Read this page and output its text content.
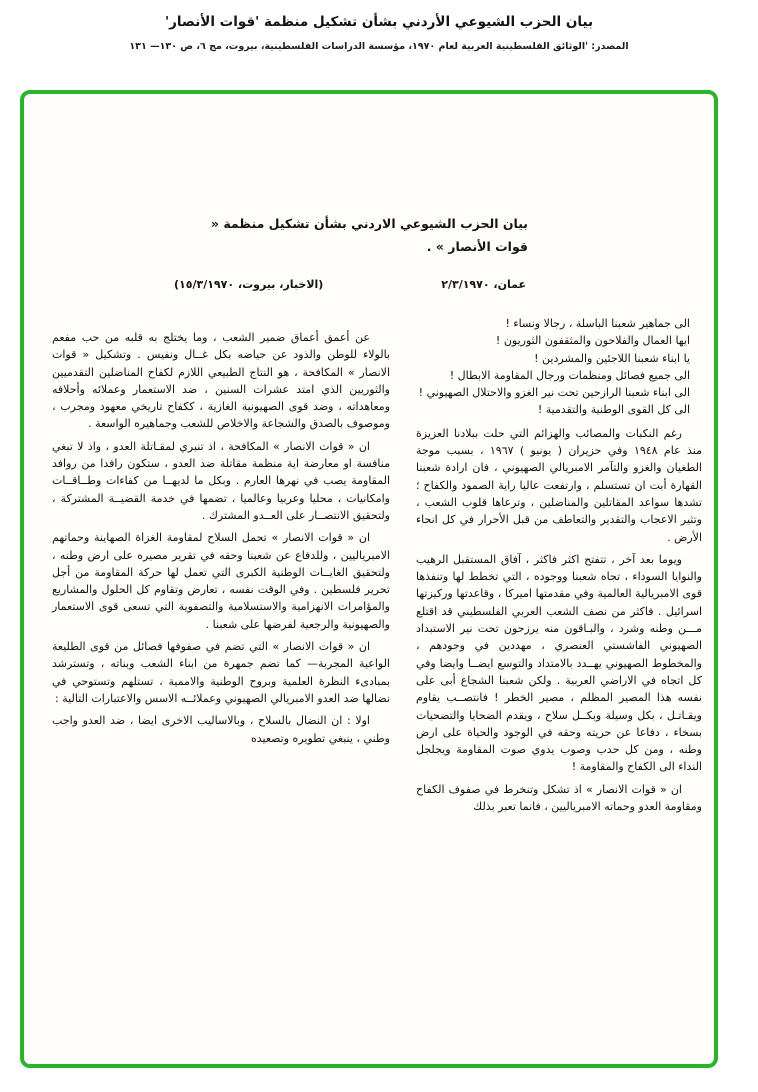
بيان الحزب الشيوعي الأردني بشأن تشكيل منظمة 'قوات الأنصار'
المصدر: 'الوثائق الفلسطينية العربية لعام ١٩٧٠، مؤسسة الدراسات الفلسطينية، بيروت، مج ٦، ص ١٣٠— ١٣١
بيان الحزب الشيوعي الاردني بشأن تشكيل منظمة « قوات الأنصار » .
(الاخبار، بيروت، ١٥/٣/١٩٧٠)	عمان، ٢/٣/١٩٧٠
الى جماهير شعبنا الباسلة ، رجالا ونساء !
ايها العمال والفلاحون والمثقفون الثوريون !
يا ابناء شعبنا اللاجئين والمشردين !
الى جميع فصائل ومنظمات ورجال المقاومة الابطال !
الى ابناء شعبنا الرازحين تحت نير الغزو والاحتلال الصهيوني !
الى كل القوى الوطنية والتقدمية !

رغم النكبات والمصائب والهزائم التي حلت ببلادنا العزيزة منذ عام ١٩٤٨ وفي حزيران ( يونيو ) ١٩٦٧ ، بسبب موجة الطغيان والغزو والتآمر الامبريالي الصهيوني ، فان ارادة شعبنا القهارة أبت ان تستسلم ، وارتفعت عاليا راية الصمود والكفاح ؛ تشدها سواعد المقاتلين والمناضلين ، وترعاها قلوب الشعب ، وتثير الاعجاب والتقدير والتعاطف من قبل الأحرار في كل انحاء الأرض .

ويوما بعد آخر ، تتفتح اكثر فاكثر ، آفاق المستقبل الرهيب والنوايا السوداء ، تجاه شعبنا ووجوده ، التي تخطط لها وتنفذها قوى الامبريالية العالمية وفي مقدمتها اميركا ، وقاعدتها وركيزتها اسرائيل . فاكثر من نصف الشعب العربي الفلسطيني قد اقتلع مـــن وطنه وشرد ، والبـاقون منه يرزحون تحت نير الاستبداد الصهيوني الفاشستي العنصري ، مهددين في وجودهم ، والمخطوط الصهيوني يهــدد بالامتداد والتوسع ايضــا وايضا وفي كل اتجاه في الاراضي العربية . ولكن شعبنا الشجاع أبى على نفسه هذا المصير المظلم ، مصير الخطر ! فانتصــب يقاوم ويقـاتـل ، بكل وسيلة وبكــل سلاح ، ويقدم الضحايا والتضحيات بسخاء ، دفاعا عن حريته وحقه في الوجود والحياة على ارض وطنه ، ومن كل حدب وصوب يدوي صوت المقاومة ويجلجل النداء الى الكفاح والمقاومة !

ان « قوات الانصار » اذ تشكل وتنخرط في صفوف الكفاح ومقاومة العدو وحماته الامبرياليين ، فانما تعبر بذلك

عن أعمق أعماق ضمير الشعب ، وما يختلج به قلبه من حب مفعم بالولاء للوطن والذود عن حياضه بكل غــال ونفيس . وتشكيل « قوات الانصار » المكافحة ، هو النتاج الطبيعي اللازم لكفاح المناضلين التقدميين والثوريين الذي امتد عشرات السنين ، ضد الاستعمار وعملائه وأحلافه ومعاهداته ، وضد قوى الصهيونية الغازية ، ككفاح تاريخي معهود ومجرب ، وموصوف بالصدق والشجاعة والاخلاص للشعب وجماهيره الواسعة .

ان « قوات الانصار » المكافحة ، اذ تنبري لمقـاتلة العدو ، واذ لا تبغي منافسة او معارضة اية منظمة مقاتلة ضد العدو ، ستكون رافدا من روافد المقاومة يصب في نهرها العارم . وبكل ما لديهــا من كفاءات وطــاقــات وامكانيات ، محليا وعربيا وعالميا ، تضمها في خدمة القضيــة المشتركة ، ولتحقيق الانتصــار على العــدو المشترك .

ان « قوات الانصار » تحمل السلاح لمقاومة الغزاة الصهاينة وحماتهم الامبرياليين ، وللدفاع عن شعبنا وحقه في تقرير مصيره على ارض وطنه ، ولتحقيق الغايــات الوطنية الكبرى التي تعمل لها حركة المقاومة من أجل تحرير فلسطين . وفي الوقت نفسه ، تعارض وتقاوم كل الحلول والمشاريع والمؤامرات الانهزامية والاستسلامية والتصفوية التي تسعى قوى الاستعمار والصهيونية والرجعية لفرضها على شعبنا .

ان « قوات الانصار » التي تضم في صفوفها فصائل من قوى الطليعة الواعية المجربة— كما تضم جمهرة من ابناء الشعب وبناته ، وتسترشد بمبادىء النظرة العلمية وبروح الوطنية والاممية ، تستلهم وتستوحي في نضالها ضد العدو الامبريالي الصهيوني وعملائــه الاسس والاعتبارات التالية :

اولا : ان النضال بالسلاح ، وبالاساليب الاخرى ايضا ، ضد العدو واجب وطني ، ينبغي تطويره وتصعيده
